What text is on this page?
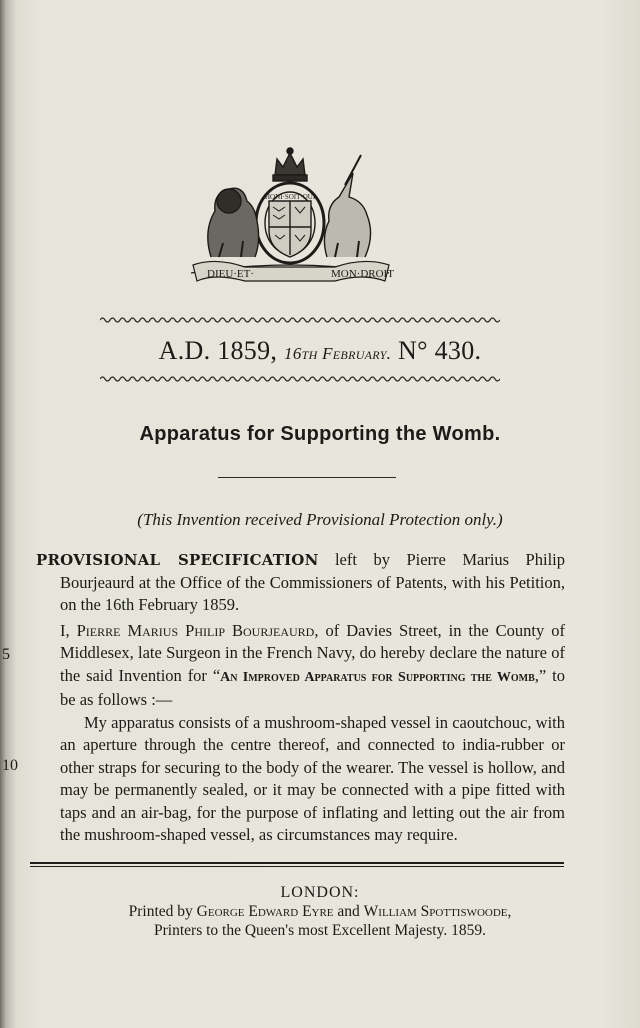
DIEU·ET·	MON·DROIT
HONI·SOIT·QUI
A.D. 1859, 16th February. N° 430.
Apparatus for Supporting the Womb.
(This Invention received Provisional Protection only.)
5
10

PROVISIONAL SPECIFICATION left by Pierre Marius Philip Bourjeaurd at the Office of the Commissioners of Patents, with his Petition, on the 16th February 1859.

I, Pierre Marius Philip Bourjeaurd, of Davies Street, in the County of Middlesex, late Surgeon in the French Navy, do hereby declare the nature of the said Invention for “An Improved Apparatus for Supporting the Womb,” to be as follows :—

My apparatus consists of a mushroom-shaped vessel in caoutchouc, with an aperture through the centre thereof, and connected to india-rubber or other straps for securing to the body of the wearer. The vessel is hollow, and may be permanently sealed, or it may be connected with a pipe fitted with taps and an air-bag, for the purpose of inflating and letting out the air from the mushroom-shaped vessel, as circumstances may require.

LONDON:
Printed by George Edward Eyre and William Spottiswoode,
Printers to the Queen's most Excellent Majesty. 1859.
